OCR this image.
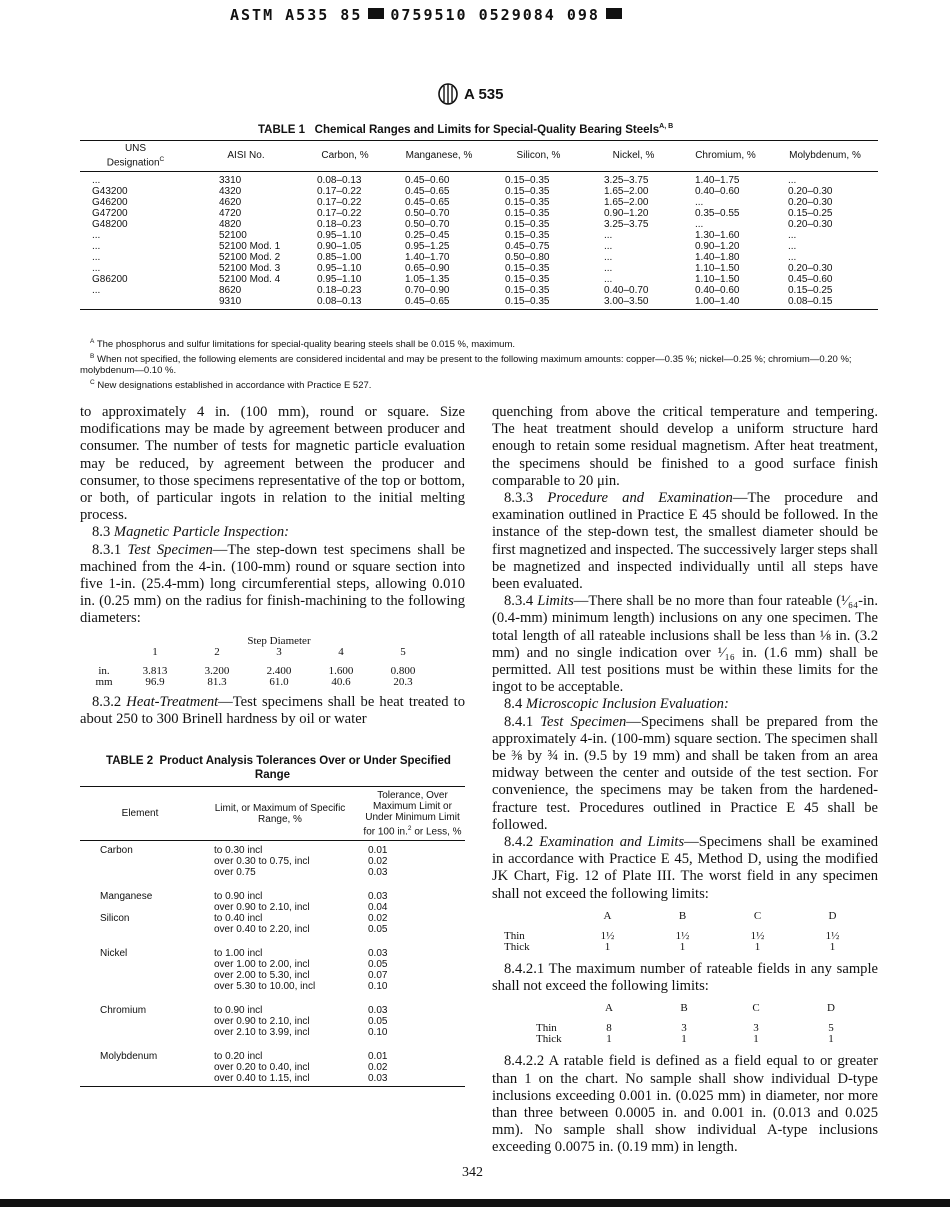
ASTM A535 85 0759510 0529084 098
A 535
TABLE 1 Chemical Ranges and Limits for Special-Quality Bearing Steels$^{A, B}$
UNS
Designation$^C$	AISI No.	Carbon, %	Manganese, %	Silicon, %	Nickel, %	Chromium, %	Molybdenum, %
...	3310	0.08–0.13	0.45–0.60	0.15–0.35	3.25–3.75	1.40–1.75	...
G43200	4320	0.17–0.22	0.45–0.65	0.15–0.35	1.65–2.00	0.40–0.60	0.20–0.30
G46200	4620	0.17–0.22	0.45–0.65	0.15–0.35	1.65–2.00	...	0.20–0.30
G47200	4720	0.17–0.22	0.50–0.70	0.15–0.35	0.90–1.20	0.35–0.55	0.15–0.25
G48200	4820	0.18–0.23	0.50–0.70	0.15–0.35	3.25–3.75	...	0.20–0.30
...	52100	0.95–1.10	0.25–0.45	0.15–0.35	...	1.30–1.60	...
...	52100 Mod. 1	0.90–1.05	0.95–1.25	0.45–0.75	...	0.90–1.20	...
...	52100 Mod. 2	0.85–1.00	1.40–1.70	0.50–0.80	...	1.40–1.80	...
...	52100 Mod. 3	0.95–1.10	0.65–0.90	0.15–0.35	...	1.10–1.50	0.20–0.30
G86200	52100 Mod. 4	0.95–1.10	1.05–1.35	0.15–0.35	...	1.10–1.50	0.45–0.60
...	8620	0.18–0.23	0.70–0.90	0.15–0.35	0.40–0.70	0.40–0.60	0.15–0.25
	9310	0.08–0.13	0.45–0.65	0.15–0.35	3.00–3.50	1.00–1.40	0.08–0.15

$^A$ The phosphorus and sulfur limitations for special-quality bearing steels shall be 0.015 %, maximum.

$^B$ When not specified, the following elements are considered incidental and may be present to the following maximum amounts: copper—0.35 %; nickel—0.25 %; chromium—0.20 %; molybdenum—0.10 %.

$^C$ New designations established in accordance with Practice E 527.

to approximately 4 in. (100 mm), round or square. Size modifications may be made by agreement between producer and consumer. The number of tests for magnetic particle evaluation may be reduced, by agreement between the producer and consumer, to those specimens representative of the top or bottom, or both, of particular ingots in relation to the initial melting process.

8.3 Magnetic Particle Inspection:

8.3.1 Test Specimen—The step-down test specimens shall be machined from the 4-in. (100-mm) round or square section into five 1-in. (25.4-mm) long circumferential steps, allowing 0.010 in. (0.25 mm) on the radius for finish-machining to the following diameters:

	Step Diameter				
	1	2	3	4	5

in.	3.813	3.200	2.400	1.600	0.800
mm	96.9	81.3	61.0	40.6	20.3

8.3.2 Heat-Treatment—Test specimens shall be heat treated to about 250 to 300 Brinell hardness by oil or water

TABLE 2 Product Analysis Tolerances Over or Under Specified Range

Element	Limit, or Maximum of Specific Range, %	Tolerance, Over Maximum Limit or Under Minimum Limit for 100 in.$^2$ or Less, %
Carbon	to 0.30 incl	0.01
	over 0.30 to 0.75, incl	0.02
	over 0.75	0.03

Manganese	to 0.90 incl	0.03
	over 0.90 to 2.10, incl	0.04
Silicon	to 0.40 incl	0.02
	over 0.40 to 2.20, incl	0.05

Nickel	to 1.00 incl	0.03
	over 1.00 to 2.00, incl	0.05
	over 2.00 to 5.30, incl	0.07
	over 5.30 to 10.00, incl	0.10

Chromium	to 0.90 incl	0.03
	over 0.90 to 2.10, incl	0.05
	over 2.10 to 3.99, incl	0.10

Molybdenum	to 0.20 incl	0.01
	over 0.20 to 0.40, incl	0.02
	over 0.40 to 1.15, incl	0.03

quenching from above the critical temperature and tempering. The heat treatment should develop a uniform structure hard enough to retain some residual magnetism. After heat treatment, the specimens should be finished to a good surface finish comparable to 20 μin.

8.3.3 Procedure and Examination—The procedure and examination outlined in Practice E 45 should be followed. In the instance of the step-down test, the smallest diameter should be first magnetized and inspected. The successively larger steps shall be magnetized and inspected individually until all steps have been evaluated.

8.3.4 Limits—There shall be no more than four rateable (¹⁄₆₄-in. (0.4-mm) minimum length) inclusions on any one specimen. The total length of all rateable inclusions shall be less than ⅛ in. (3.2 mm) and no single indication over ¹⁄₁₆ in. (1.6 mm) shall be permitted. All test positions must be within these limits for the ingot to be acceptable.

8.4 Microscopic Inclusion Evaluation:

8.4.1 Test Specimen—Specimens shall be prepared from the approximately 4-in. (100-mm) square section. The specimen shall be ⅜ by ¾ in. (9.5 by 19 mm) and shall be taken from an area midway between the center and outside of the test section. For convenience, the specimens may be taken from the hardened-fracture test. Procedures outlined in Practice E 45 shall be followed.

8.4.2 Examination and Limits—Specimens shall be examined in accordance with Practice E 45, Method D, using the modified JK Chart, Fig. 12 of Plate III. The worst field in any specimen shall not exceed the following limits:

	A	B	C	D
Thin	1½	1½	1½	1½
Thick	1	1	1	1

8.4.2.1 The maximum number of rateable fields in any sample shall not exceed the following limits:

	A	B	C	D
Thin	8	3	3	5
Thick	1	1	1	1

8.4.2.2 A ratable field is defined as a field equal to or greater than 1 on the chart. No sample shall show individual D-type inclusions exceeding 0.001 in. (0.025 mm) in diameter, nor more than three between 0.0005 in. and 0.001 in. (0.013 and 0.025 mm). No sample shall show individual A-type inclusions exceeding 0.0075 in. (0.19 mm) in length.

342
